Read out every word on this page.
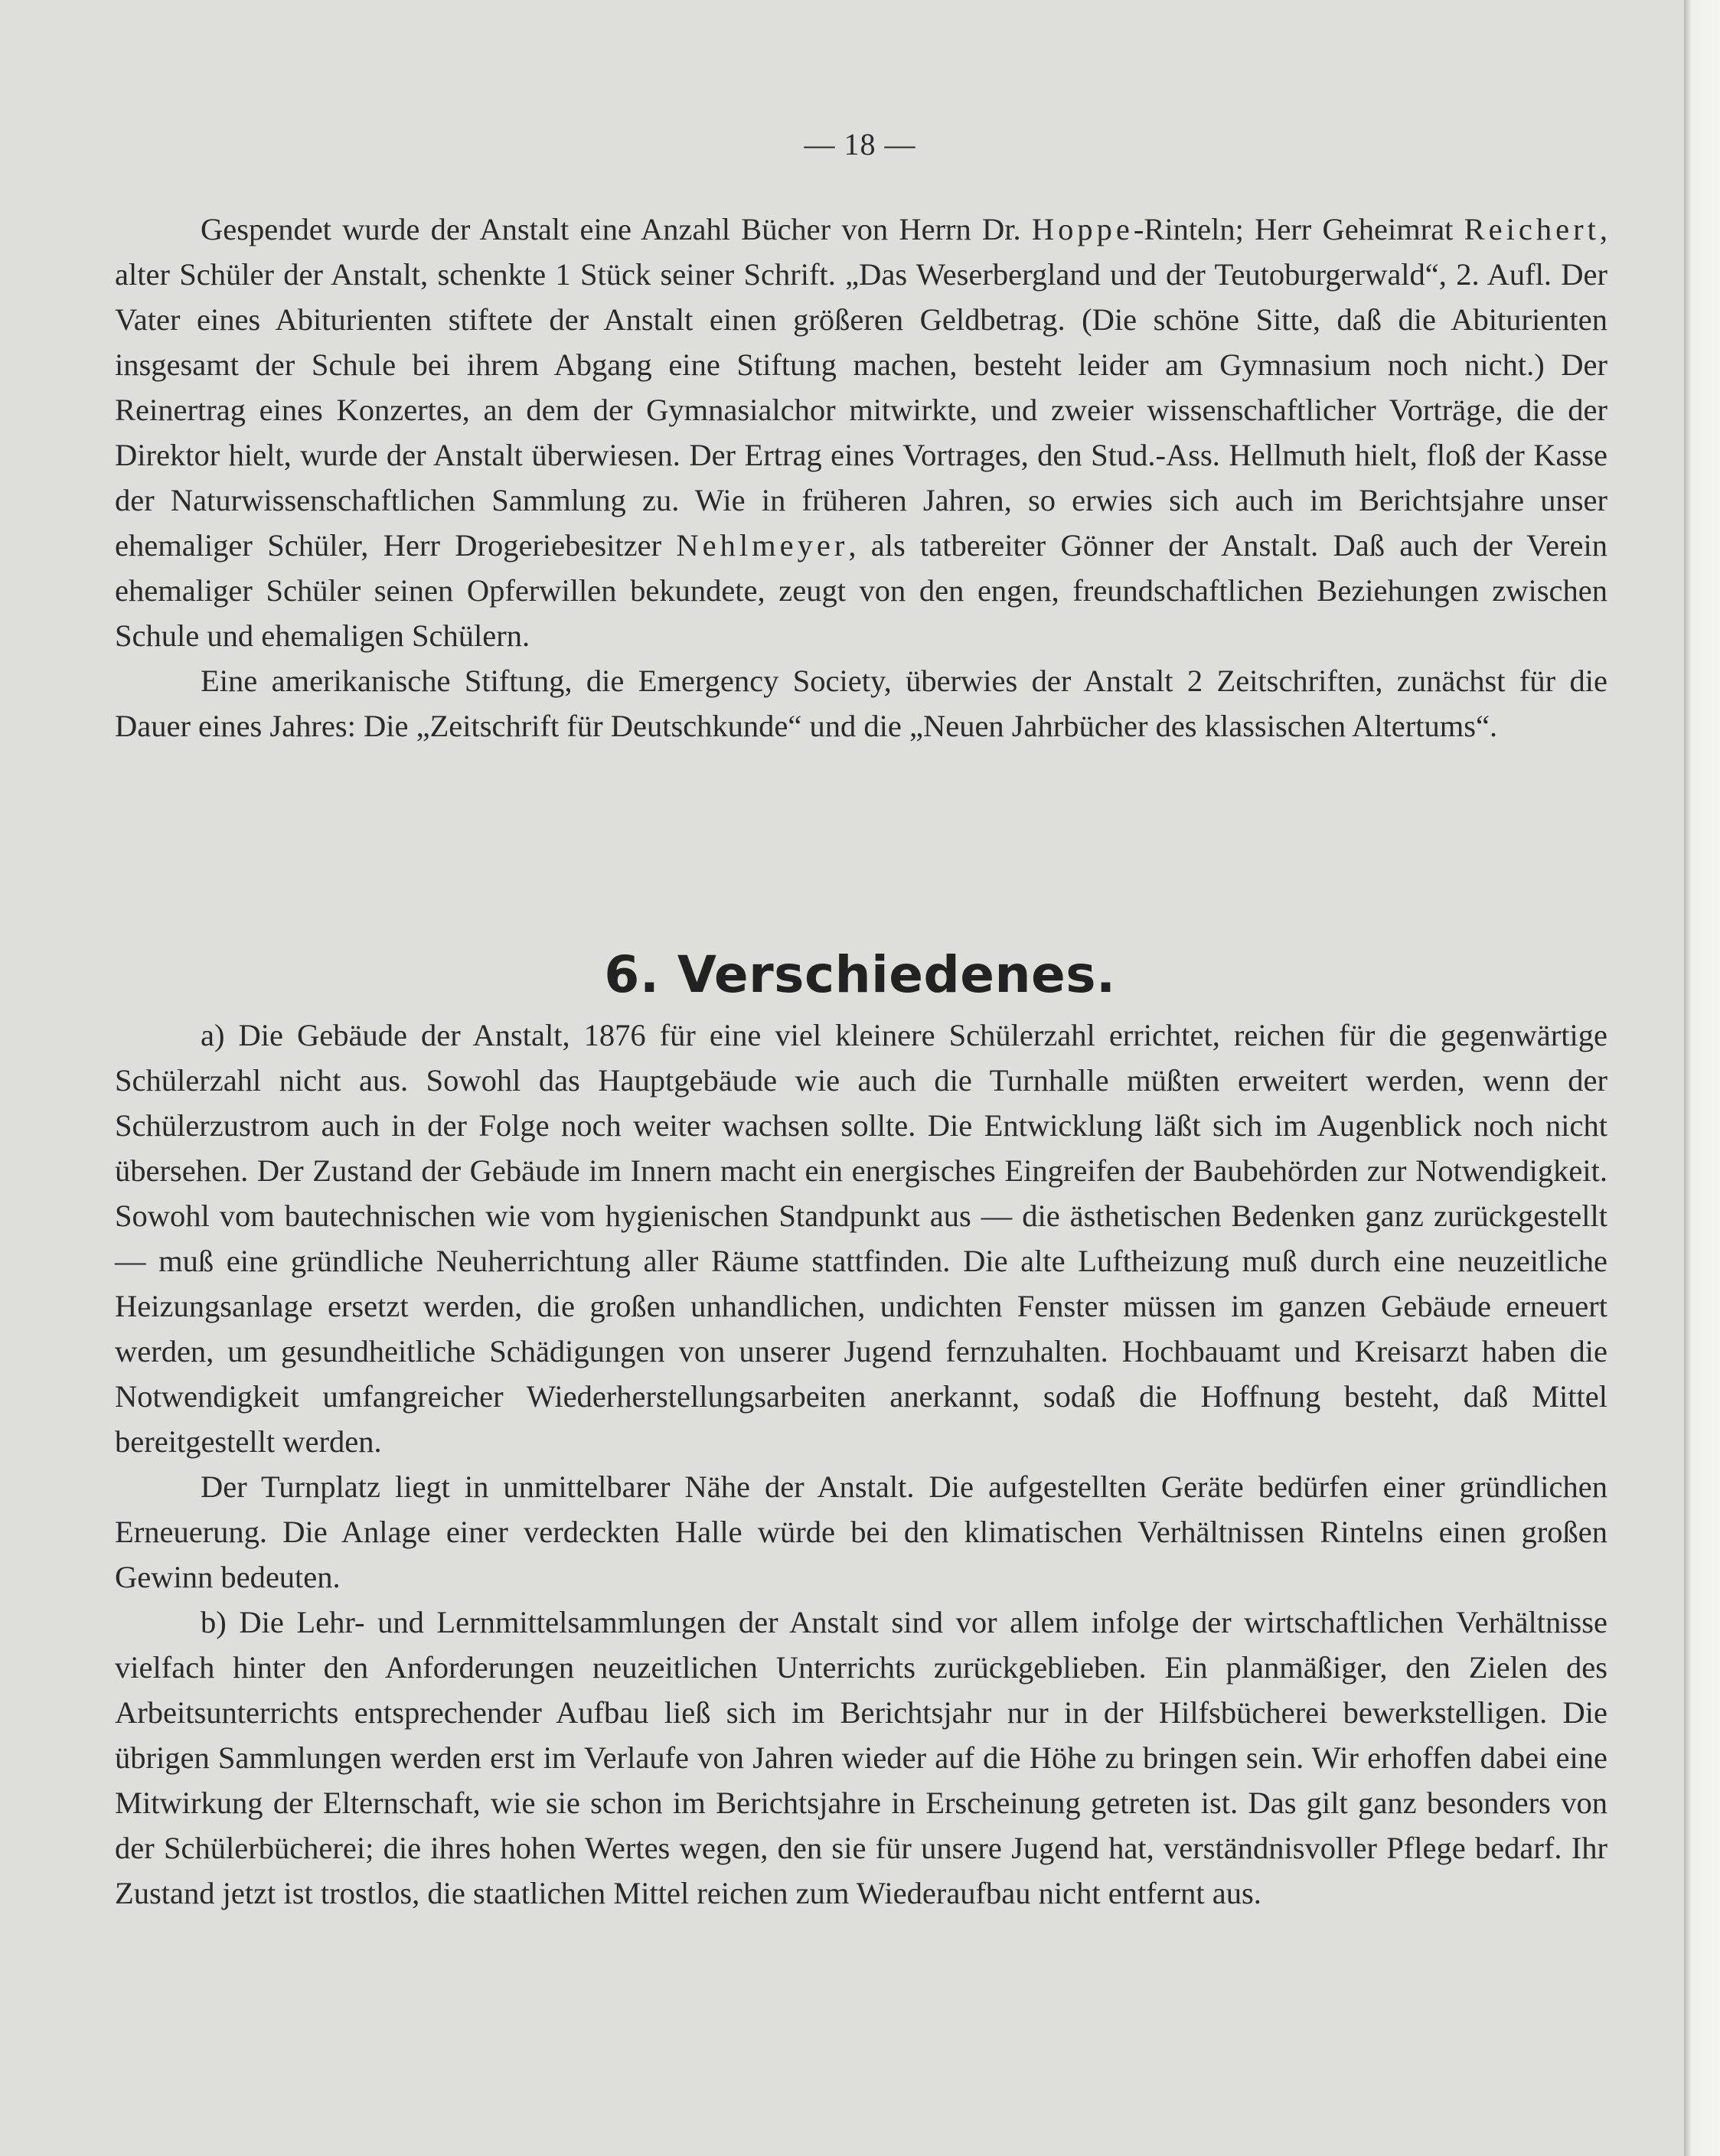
— 18 —

Gespendet wurde der Anstalt eine Anzahl Bücher von Herrn Dr. Hoppe-Rinteln; Herr Geheimrat Reichert, alter Schüler der Anstalt, schenkte 1 Stück seiner Schrift. „Das Weserbergland und der Teutoburgerwald“, 2. Aufl. Der Vater eines Abiturienten stiftete der Anstalt einen größeren Geldbetrag. (Die schöne Sitte, daß die Abiturienten insgesamt der Schule bei ihrem Abgang eine Stiftung machen, besteht leider am Gymnasium noch nicht.) Der Reinertrag eines Konzertes, an dem der Gymnasialchor mitwirkte, und zweier wissenschaftlicher Vorträge, die der Direktor hielt, wurde der Anstalt überwiesen. Der Ertrag eines Vortrages, den Stud.-Ass. Hellmuth hielt, floß der Kasse der Naturwissenschaftlichen Sammlung zu. Wie in früheren Jahren, so erwies sich auch im Berichtsjahre unser ehemaliger Schüler, Herr Drogeriebesitzer Nehlmeyer, als tatbereiter Gönner der Anstalt. Daß auch der Verein ehemaliger Schüler seinen Opferwillen bekundete, zeugt von den engen, freundschaftlichen Beziehungen zwischen Schule und ehemaligen Schülern.

Eine amerikanische Stiftung, die Emergency Society, überwies der Anstalt 2 Zeitschriften, zunächst für die Dauer eines Jahres: Die „Zeitschrift für Deutschkunde“ und die „Neuen Jahrbücher des klassischen Altertums“.

6. Verschiedenes.

a) Die Gebäude der Anstalt, 1876 für eine viel kleinere Schülerzahl errichtet, reichen für die gegenwärtige Schülerzahl nicht aus. Sowohl das Hauptgebäude wie auch die Turnhalle müßten erweitert werden, wenn der Schülerzustrom auch in der Folge noch weiter wachsen sollte. Die Entwicklung läßt sich im Augenblick noch nicht übersehen. Der Zustand der Gebäude im Innern macht ein energisches Eingreifen der Baubehörden zur Notwendigkeit. Sowohl vom bautechnischen wie vom hygienischen Standpunkt aus — die ästhetischen Bedenken ganz zurückgestellt — muß eine gründliche Neuherrichtung aller Räume stattfinden. Die alte Luftheizung muß durch eine neuzeitliche Heizungsanlage ersetzt werden, die großen unhandlichen, undichten Fenster müssen im ganzen Gebäude erneuert werden, um gesundheitliche Schädigungen von unserer Jugend fernzuhalten. Hochbauamt und Kreisarzt haben die Notwendigkeit umfangreicher Wiederherstellungsarbeiten anerkannt, sodaß die Hoffnung besteht, daß Mittel bereitgestellt werden.

Der Turnplatz liegt in unmittelbarer Nähe der Anstalt. Die aufgestellten Geräte bedürfen einer gründlichen Erneuerung. Die Anlage einer verdeckten Halle würde bei den klimatischen Verhältnissen Rintelns einen großen Gewinn bedeuten.

b) Die Lehr- und Lernmittelsammlungen der Anstalt sind vor allem infolge der wirtschaftlichen Verhältnisse vielfach hinter den Anforderungen neuzeitlichen Unterrichts zurückgeblieben. Ein planmäßiger, den Zielen des Arbeitsunterrichts entsprechender Aufbau ließ sich im Berichtsjahr nur in der Hilfsbücherei bewerkstelligen. Die übrigen Sammlungen werden erst im Verlaufe von Jahren wieder auf die Höhe zu bringen sein. Wir erhoffen dabei eine Mitwirkung der Elternschaft, wie sie schon im Berichtsjahre in Erscheinung getreten ist. Das gilt ganz besonders von der Schülerbücherei; die ihres hohen Wertes wegen, den sie für unsere Jugend hat, verständnisvoller Pflege bedarf. Ihr Zustand jetzt ist trostlos, die staatlichen Mittel reichen zum Wiederaufbau nicht entfernt aus.
